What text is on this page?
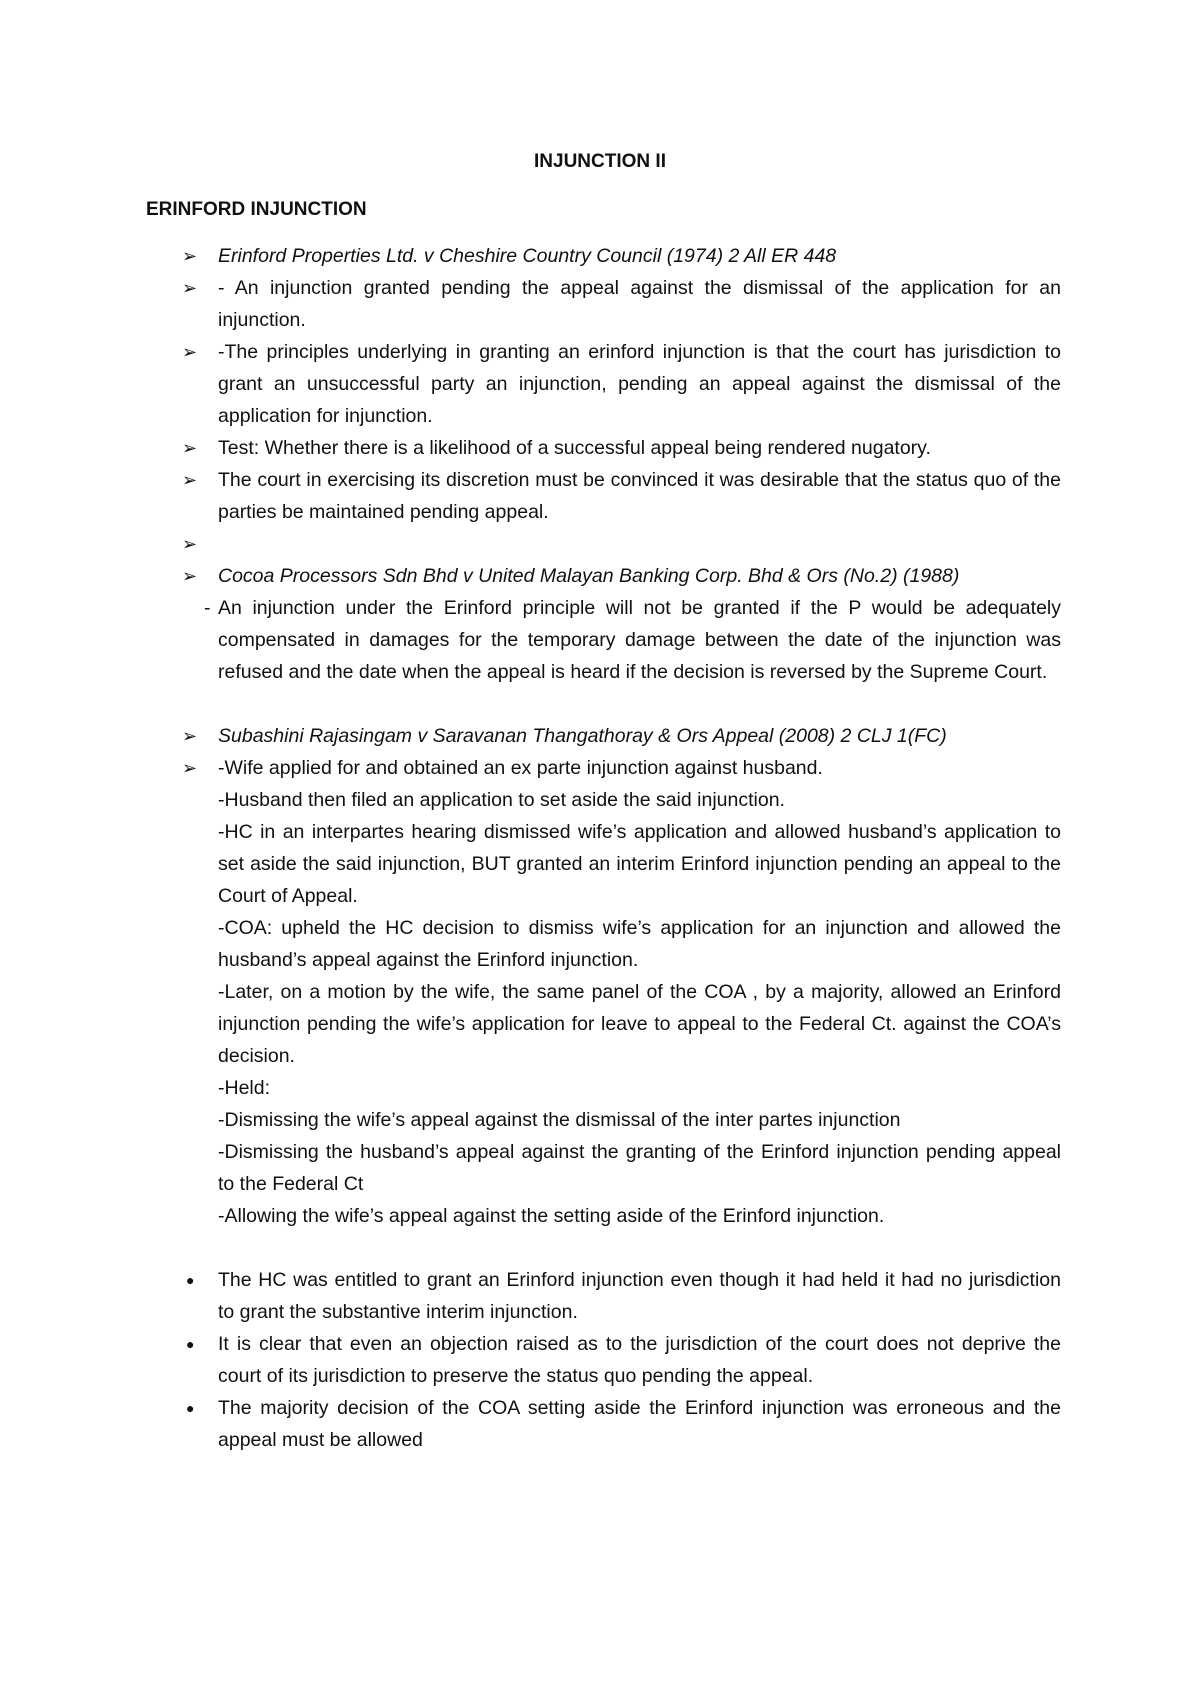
INJUNCTION II
ERINFORD INJUNCTION
➢	Erinford Properties Ltd. v Cheshire Country Council (1974) 2 All ER 448
➢	- An injunction granted pending the appeal against the dismissal of the application for an injunction.
➢	-The principles underlying in granting an erinford injunction is that the court has jurisdiction to grant an unsuccessful party an injunction, pending an appeal against the dismissal of the application for injunction.
➢	Test: Whether there is a likelihood of a successful appeal being rendered nugatory.
➢	The court in exercising its discretion must be convinced it was desirable that the status quo of the parties be maintained pending appeal.
➢
➢	Cocoa Processors Sdn Bhd v United Malayan Banking Corp. Bhd & Ors (No.2) (1988)
- An injunction under the Erinford principle will not be granted if the P would be adequately compensated in damages for the temporary damage between the date of the injunction was refused and the date when the appeal is heard if the decision is reversed by the Supreme Court.
➢	Subashini Rajasingam v Saravanan Thangathoray & Ors Appeal (2008) 2 CLJ 1(FC)
➢	-Wife applied for and obtained an ex parte injunction against husband.
-Husband then filed an application to set aside the said injunction.
-HC in an interpartes hearing dismissed wife’s application and allowed husband’s application to set aside the said injunction, BUT granted an interim Erinford injunction pending an appeal to the Court of Appeal.
-COA: upheld the HC decision to dismiss wife’s application for an injunction and allowed the husband’s appeal against the Erinford injunction.
-Later, on a motion by the wife, the same panel of the COA , by a majority, allowed an Erinford injunction pending the wife’s application for leave to appeal to the Federal Ct. against the COA’s decision.
-Held:
-Dismissing the wife’s appeal against the dismissal of the inter partes injunction
-Dismissing the husband’s appeal against the granting of the Erinford injunction pending appeal to the Federal Ct
-Allowing the wife’s appeal against the setting aside of the Erinford injunction.
●	The HC was entitled to grant an Erinford injunction even though it had held it had no jurisdiction to grant the substantive interim injunction.
●	It is clear that even an objection raised as to the jurisdiction of the court does not deprive the court of its jurisdiction to preserve the status quo pending the appeal.
●	The majority decision of the COA setting aside the Erinford injunction was erroneous and the appeal must be allowed
